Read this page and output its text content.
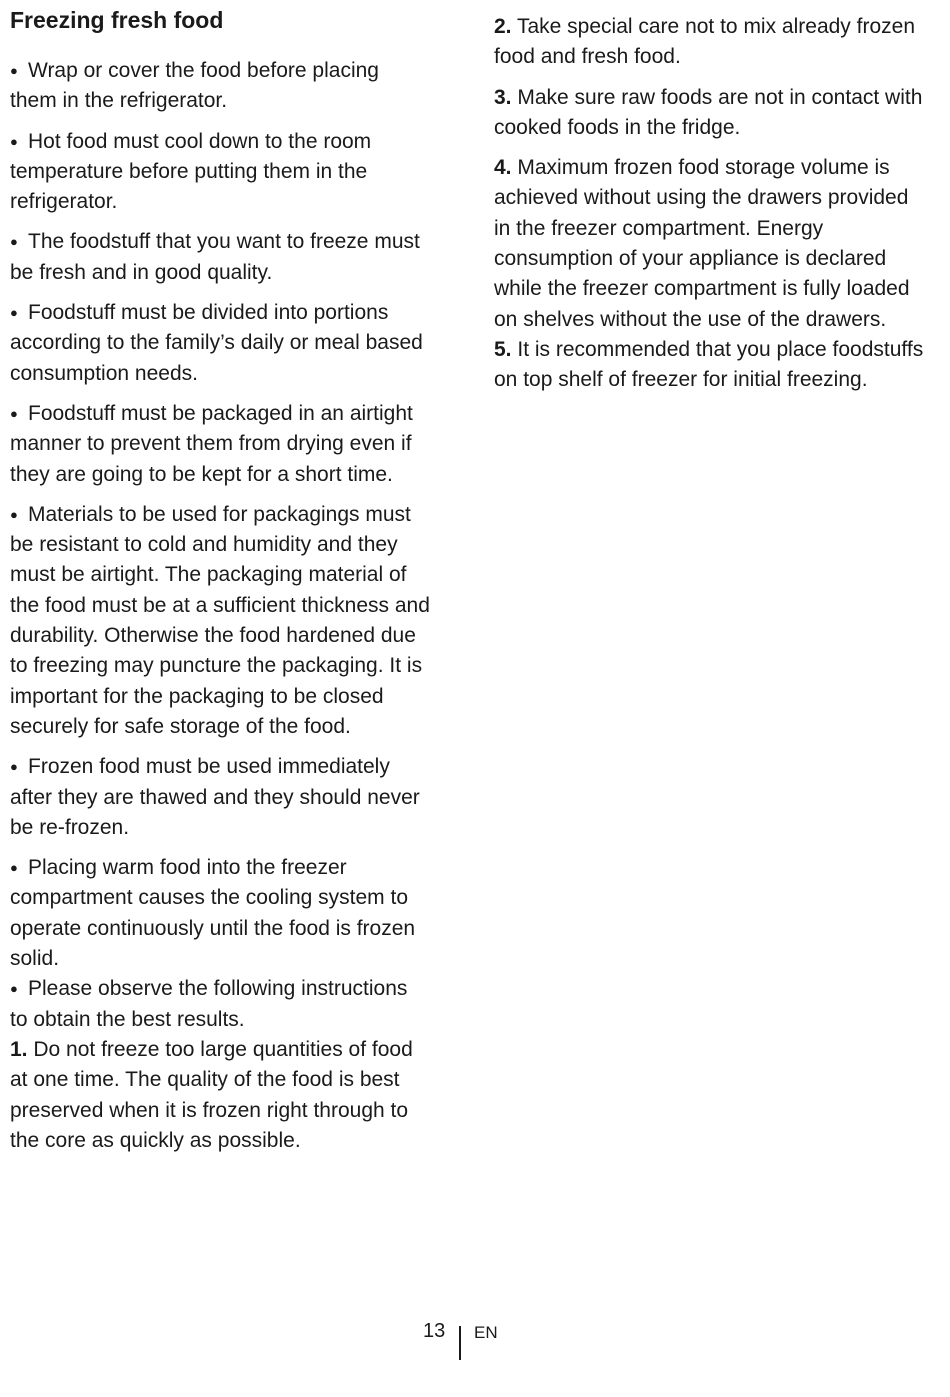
Freezing fresh food

● Wrap or cover the food before placing them in the refrigerator.

● Hot food must cool down to the room temperature before putting them in the refrigerator.

● The foodstuff that you want to freeze must be fresh and in good quality.

● Foodstuff must be divided into portions according to the family’s daily or meal based consumption needs.

● Foodstuff must be packaged in an airtight manner to prevent them from drying even if they are going to be kept for a short time.

● Materials to be used for packagings must be resistant to cold and humidity and they must be airtight. The packaging material of the food must be at a sufficient thickness and durability. Otherwise the food hardened due to freezing may puncture the packaging. It is important for the packaging to be closed securely for safe storage of the food.

● Frozen food must be used immediately after they are thawed and they should never be re-frozen.

● Placing warm food into the freezer compartment causes the cooling system to operate continuously until the food is frozen solid.

● Please observe the following instructions to obtain the best results.

1. Do not freeze too large quantities of food at one time. The quality of the food is best preserved when it is frozen right through to the core as quickly as possible.

2. Take special care not to mix already frozen food and fresh food.

3. Make sure raw foods are not in contact with cooked foods in the fridge.

4. Maximum frozen food storage volume is achieved without using the drawers provided in the freezer compartment. Energy consumption of your appliance is declared while the freezer compartment is fully loaded on shelves without the use of the drawers.

5. It is recommended that you place foodstuffs on top shelf of freezer for initial freezing.

13 EN
